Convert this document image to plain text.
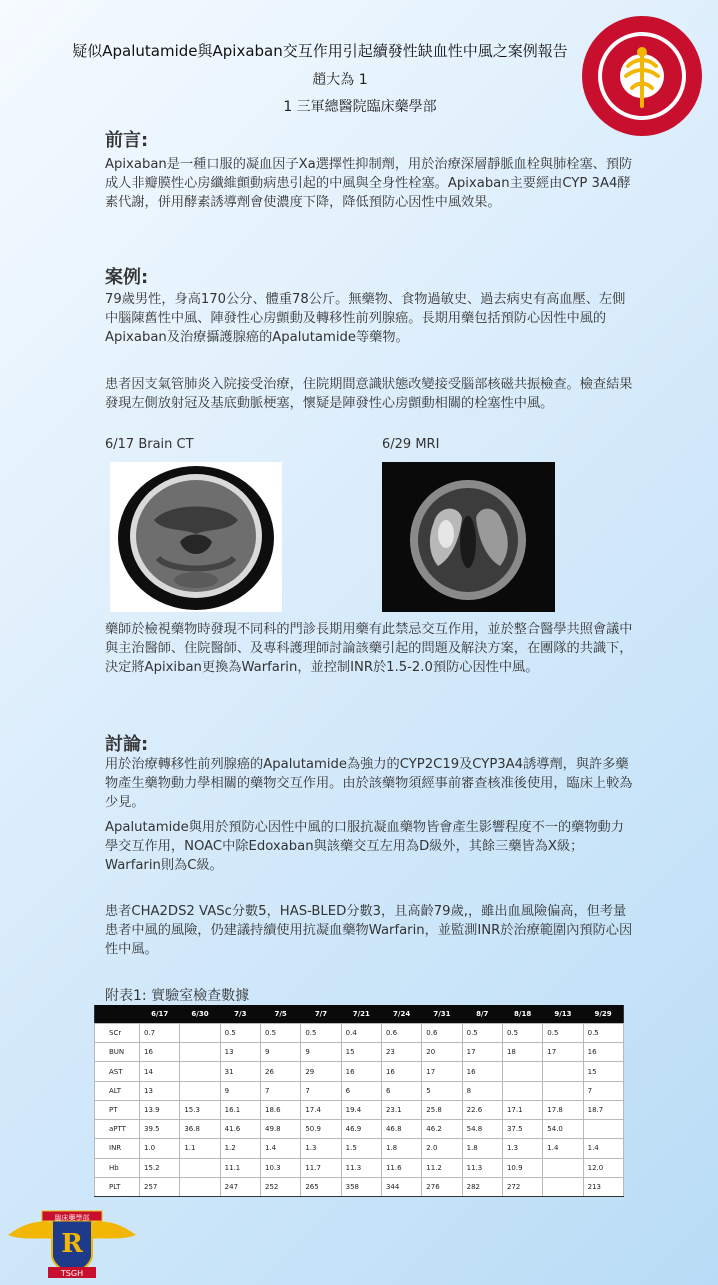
疑似Apalutamide與Apixaban交互作用引起續發性缺血性中風之案例報告
趙大為 1
1 三軍總醫院臨床藥學部
前言:
Apixaban是一種口服的凝血因子Xa選擇性抑制劑，用於治療深層靜脈血栓與肺栓塞、預防成人非瓣膜性心房纖維顫動病患引起的中風與全身性栓塞。Apixaban主要經由CYP 3A4酵素代謝，併用酵素誘導劑會使濃度下降，降低預防心因性中風效果。
案例:
79歲男性，身高170公分、體重78公斤。無藥物、食物過敏史、過去病史有高血壓、左側中腦陳舊性中風、陣發性心房顫動及轉移性前列腺癌。長期用藥包括預防心因性中風的Apixaban及治療攝護腺癌的Apalutamide等藥物。
患者因支氣管肺炎入院接受治療，住院期間意識狀態改變接受腦部核磁共振檢查。檢查結果發現左側放射冠及基底動脈梗塞，懷疑是陣發性心房顫動相關的栓塞性中風。
6/17 Brain CT	6/29 MRI
藥師於檢視藥物時發現不同科的門診長期用藥有此禁忌交互作用，並於整合醫學共照會議中與主治醫師、住院醫師、及專科護理師討論該藥引起的問題及解決方案，在團隊的共識下，決定將Apixiban更換為Warfarin，並控制INR於1.5-2.0預防心因性中風。
討論:
用於治療轉移性前列腺癌的Apalutamide為強力的CYP2C19及CYP3A4誘導劑，與許多藥物產生藥物動力學相關的藥物交互作用。由於該藥物須經事前審查核准後使用，臨床上較為少見。
Apalutamide與用於預防心因性中風的口服抗凝血藥物皆會產生影響程度不一的藥物動力學交互作用，NOAC中除Edoxaban與該藥交互左用為D級外，其餘三藥皆為X級；Warfarin則為C級。
患者CHA2DS2 VASc分數5，HAS-BLED分數3，且高齡79歲,，雖出血風險偏高，但考量患者中風的風險，仍建議持續使用抗凝血藥物Warfarin，並監測INR於治療範圍內預防心因性中風。
附表1: 實驗室檢查數據
	6/17	6/30	7/3	7/5	7/7	7/21	7/24	7/31	8/7	8/18	9/13	9/29
SCr	0.7		0.5	0.5	0.5	0.4	0.6	0.6	0.5	0.5	0.5	0.5
BUN	16		13	9	9	15	23	20	17	18	17	16
AST	14		31	26	29	16	16	17	16			15
ALT	13		9	7	7	6	6	5	8			7
PT	13.9	15.3	16.1	18.6	17.4	19.4	23.1	25.8	22.6	17.1	17.8	18.7
aPTT	39.5	36.8	41.6	49.8	50.9	46.9	46.8	46.2	54.8	37.5	54.0	
INR	1.0	1.1	1.2	1.4	1.3	1.5	1.8	2.0	1.8	1.3	1.4	1.4
Hb	15.2		11.1	10.3	11.7	11.3	11.6	11.2	11.3	10.9		12.0
PLT	257		247	252	265	358	344	276	282	272		213
臨床藥學部
R
TSGH
